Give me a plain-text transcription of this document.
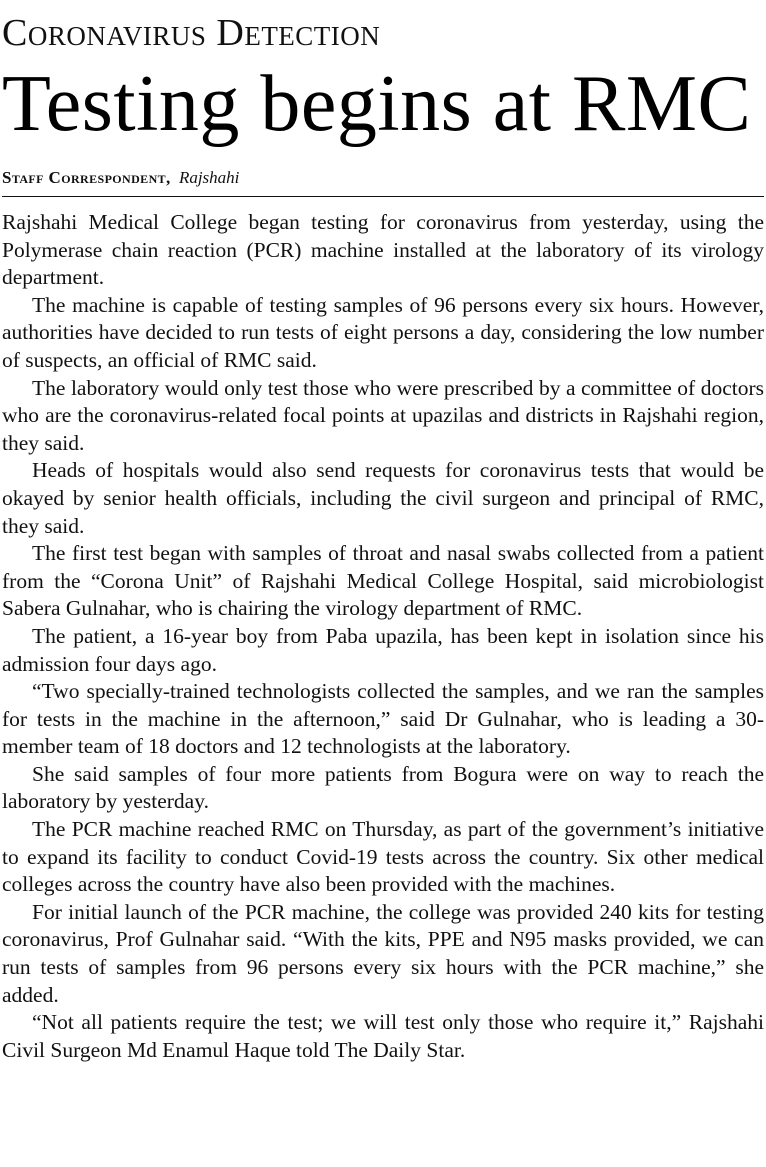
Coronavirus Detection
Testing begins at RMC
Staff Correspondent, Rajshahi

Rajshahi Medical College began testing for coronavirus from yesterday, using the Polymerase chain reaction (PCR) machine installed at the laboratory of its virology department.

The machine is capable of testing samples of 96 persons every six hours. However, authorities have decided to run tests of eight persons a day, considering the low number of suspects, an official of RMC said.

The laboratory would only test those who were prescribed by a committee of doctors who are the coronavirus-related focal points at upazilas and districts in Rajshahi region, they said.

Heads of hospitals would also send requests for coronavirus tests that would be okayed by senior health officials, including the civil surgeon and principal of RMC, they said.

The first test began with samples of throat and nasal swabs collected from a patient from the “Corona Unit” of Rajshahi Medical College Hospital, said microbiologist Sabera Gulnahar, who is chairing the virology department of RMC.

The patient, a 16-year boy from Paba upazila, has been kept in isolation since his admission four days ago.

“Two specially-trained technologists collected the samples, and we ran the samples for tests in the machine in the afternoon,” said Dr Gulnahar, who is leading a 30-member team of 18 doctors and 12 technologists at the laboratory.

She said samples of four more patients from Bogura were on way to reach the laboratory by yesterday.

The PCR machine reached RMC on Thursday, as part of the government’s initiative to expand its facility to conduct Covid-19 tests across the country. Six other medical colleges across the country have also been provided with the machines.

For initial launch of the PCR machine, the college was provided 240 kits for testing coronavirus, Prof Gulnahar said. “With the kits, PPE and N95 masks provided, we can run tests of samples from 96 persons every six hours with the PCR machine,” she added.

“Not all patients require the test; we will test only those who require it,” Rajshahi Civil Surgeon Md Enamul Haque told The Daily Star.
